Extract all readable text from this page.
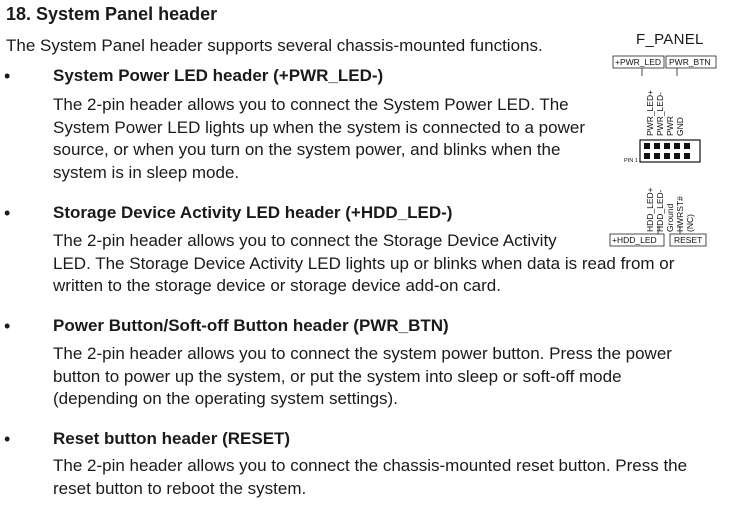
18. System Panel header
The System Panel header supports several chassis-mounted functions.
•	System Power LED header (+PWR_LED-)
The 2-pin header allows you to connect the System Power LED. The
System Power LED lights up when the system is connected to a power
source, or when you turn on the system power, and blinks when the
system is in sleep mode.
•	Storage Device Activity LED header (+HDD_LED-)
The 2-pin header allows you to connect the Storage Device Activity
LED. The Storage Device Activity LED lights up or blinks when data is read from or
written to the storage device or storage device add-on card.
•	Power Button/Soft-off Button header (PWR_BTN)
The 2-pin header allows you to connect the system power button. Press the power
button to power up the system, or put the system into sleep or soft-off mode
(depending on the operating system settings).
•	Reset button header (RESET)
The 2-pin header allows you to connect the chassis-mounted reset button. Press the
reset button to reboot the system.
F_PANEL
+PWR_LED PWR_BTN
PWR_LED+ PWR_LED- PWR GND
PIN 1
HDD_LED+ HDD_LED- Ground HWRST# (NC)
+HDD_LED RESET
